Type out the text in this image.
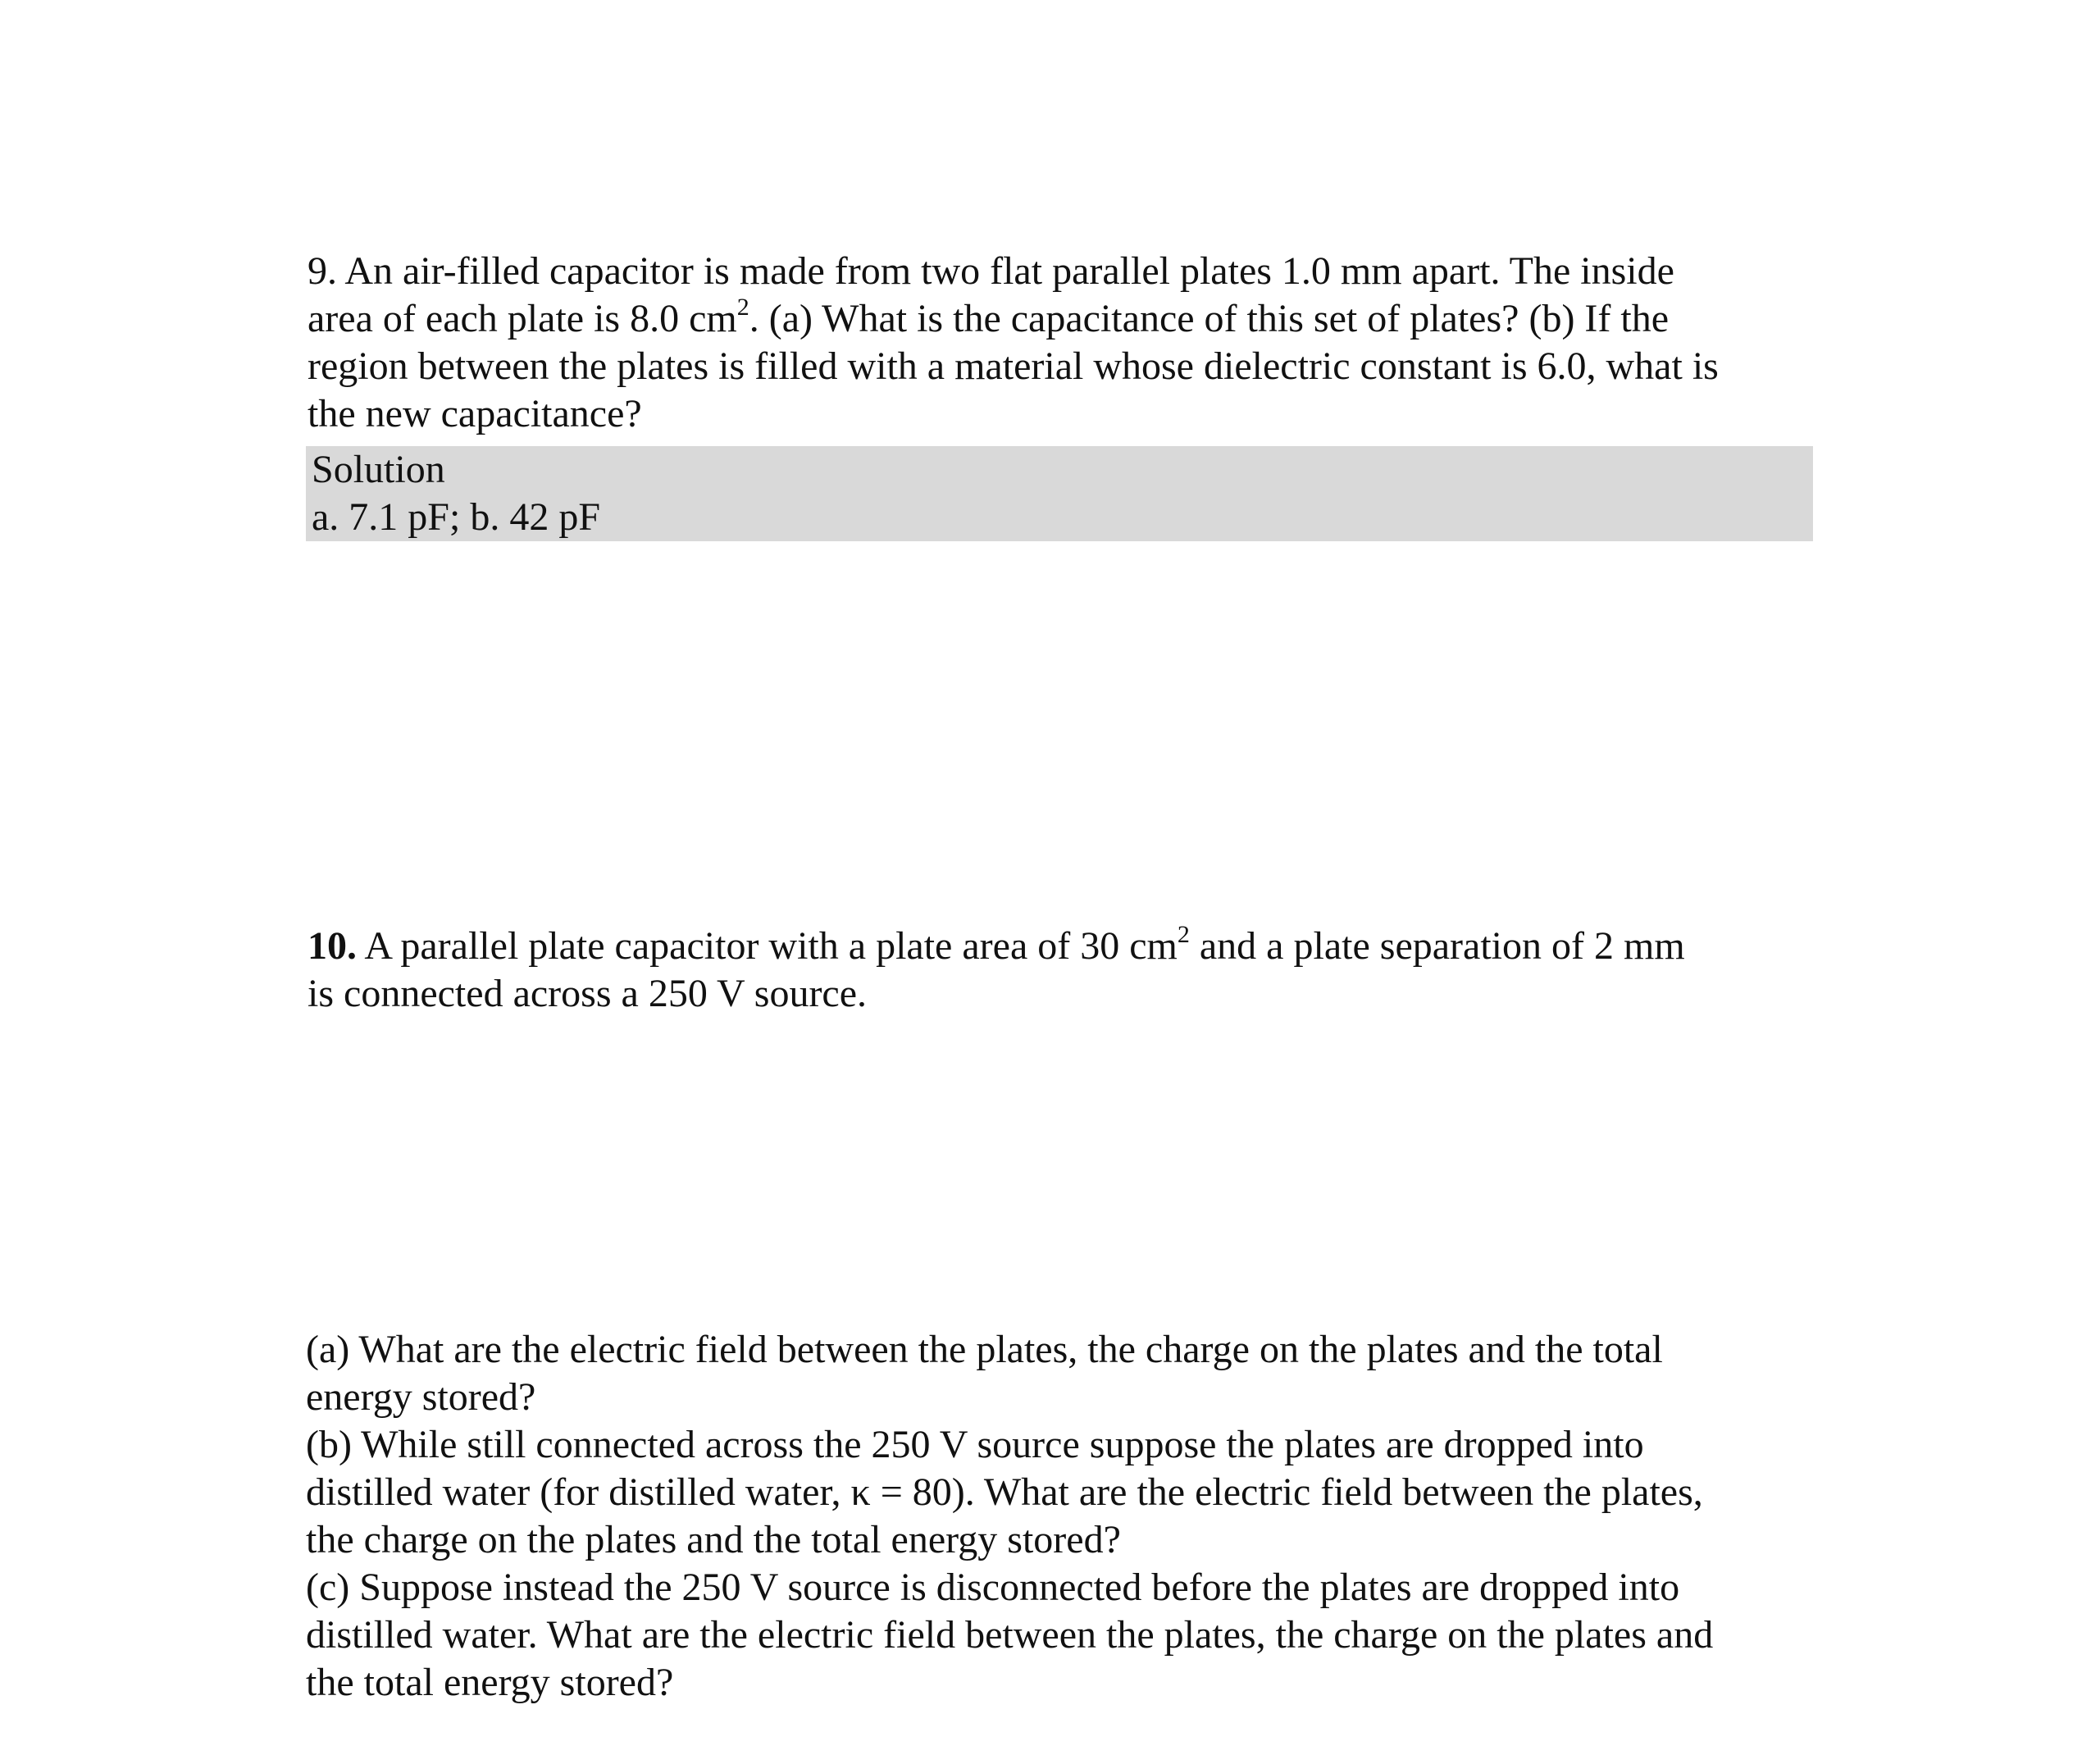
9. An air-filled capacitor is made from two flat parallel plates 1.0 mm apart. The inside
area of each plate is 8.0 $cm^2$. (a) What is the capacitance of this set of plates? (b) If the
region between the plates is filled with a material whose dielectric constant is 6.0, what is
the new capacitance?
Solution
a. 7.1 pF; b. 42 pF
10. A parallel plate capacitor with a plate area of 30 $cm^2$ and a plate separation of 2 mm
is connected across a 250 V source.
(a) What are the electric field between the plates, the charge on the plates and the total
energy stored?
(b) While still connected across the 250 V source suppose the plates are dropped into
distilled water (for distilled water, κ = 80). What are the electric field between the plates,
the charge on the plates and the total energy stored?
(c) Suppose instead the 250 V source is disconnected before the plates are dropped into
distilled water. What are the electric field between the plates, the charge on the plates and
the total energy stored?
